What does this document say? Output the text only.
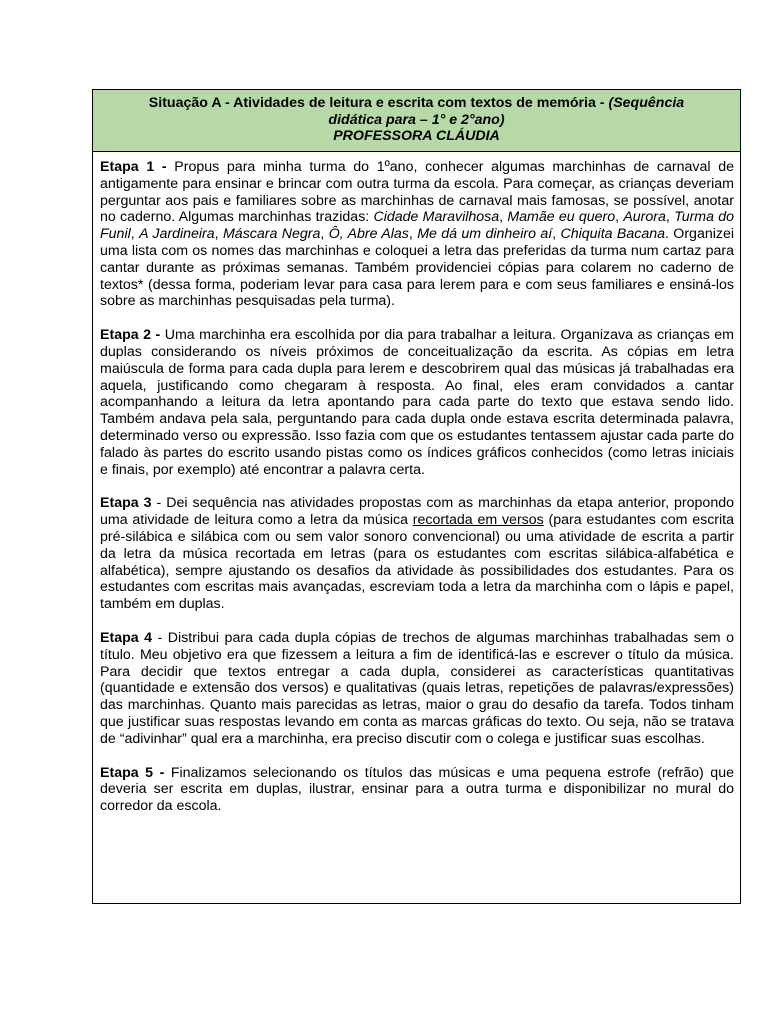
Situação A - Atividades de leitura e escrita com textos de memória - (Sequência
didática para – 1° e 2°ano)
PROFESSORA CLÁUDIA

Etapa 1 - Propus para minha turma do 1ºano, conhecer algumas marchinhas de carnaval de antigamente para ensinar e brincar com outra turma da escola. Para começar, as crianças deveriam perguntar aos pais e familiares sobre as marchinhas de carnaval mais famosas, se possível, anotar no caderno. Algumas marchinhas trazidas: Cidade Maravilhosa, Mamãe eu quero, Aurora, Turma do Funil, A Jardineira, Máscara Negra, Ô, Abre Alas, Me dá um dinheiro aí, Chiquita Bacana. Organizei uma lista com os nomes das marchinhas e coloquei a letra das preferidas da turma num cartaz para cantar durante as próximas semanas. Também providenciei cópias para colarem no caderno de textos* (dessa forma, poderiam levar para casa para lerem para e com seus familiares e ensiná-los sobre as marchinhas pesquisadas pela turma).

Etapa 2 - Uma marchinha era escolhida por dia para trabalhar a leitura. Organizava as crianças em duplas considerando os níveis próximos de conceitualização da escrita. As cópias em letra maiúscula de forma para cada dupla para lerem e descobrirem qual das músicas já trabalhadas era aquela, justificando como chegaram à resposta. Ao final, eles eram convidados a cantar acompanhando a leitura da letra apontando para cada parte do texto que estava sendo lido. Também andava pela sala, perguntando para cada dupla onde estava escrita determinada palavra, determinado verso ou expressão. Isso fazia com que os estudantes tentassem ajustar cada parte do falado às partes do escrito usando pistas como os índices gráficos conhecidos (como letras iniciais e finais, por exemplo) até encontrar a palavra certa.

Etapa 3 - Dei sequência nas atividades propostas com as marchinhas da etapa anterior, propondo uma atividade de leitura como a letra da música recortada em versos (para estudantes com escrita pré-silábica e silábica com ou sem valor sonoro convencional) ou uma atividade de escrita a partir da letra da música recortada em letras (para os estudantes com escritas silábica-alfabética e alfabética), sempre ajustando os desafios da atividade às possibilidades dos estudantes. Para os estudantes com escritas mais avançadas, escreviam toda a letra da marchinha com o lápis e papel, também em duplas.

Etapa 4 - Distribui para cada dupla cópias de trechos de algumas marchinhas trabalhadas sem o título. Meu objetivo era que fizessem a leitura a fim de identificá-las e escrever o título da música. Para decidir que textos entregar a cada dupla, considerei as características quantitativas (quantidade e extensão dos versos) e qualitativas (quais letras, repetições de palavras/expressões) das marchinhas. Quanto mais parecidas as letras, maior o grau do desafio da tarefa. Todos tinham que justificar suas respostas levando em conta as marcas gráficas do texto. Ou seja, não se tratava de “adivinhar” qual era a marchinha, era preciso discutir com o colega e justificar suas escolhas.

Etapa 5 - Finalizamos selecionando os títulos das músicas e uma pequena estrofe (refrão) que deveria ser escrita em duplas, ilustrar, ensinar para a outra turma e disponibilizar no mural do corredor da escola.
